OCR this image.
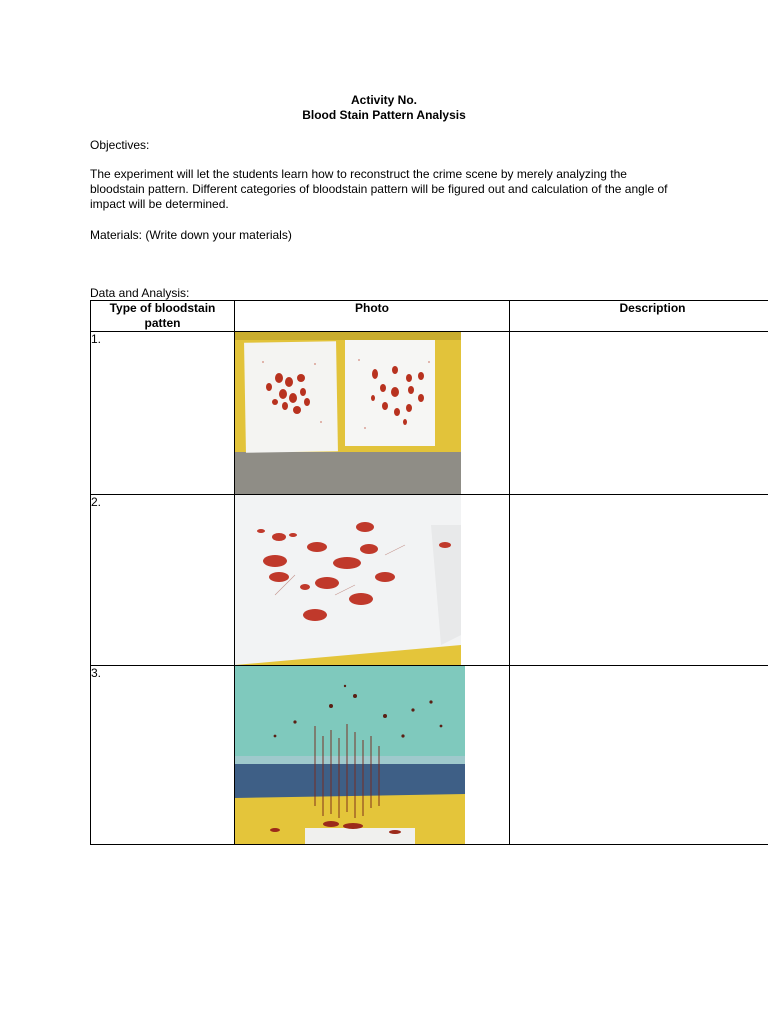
Activity No.
Blood Stain Pattern Analysis
Objectives:
The experiment will let the students learn how to reconstruct the crime scene by merely analyzing the bloodstain pattern. Different categories of bloodstain pattern will be figured out and calculation of the angle of impact will be determined.
Materials: (Write down your materials)
Data and Analysis:
Type of bloodstain patten	Photo	Description
1.	

2.	

3.	
